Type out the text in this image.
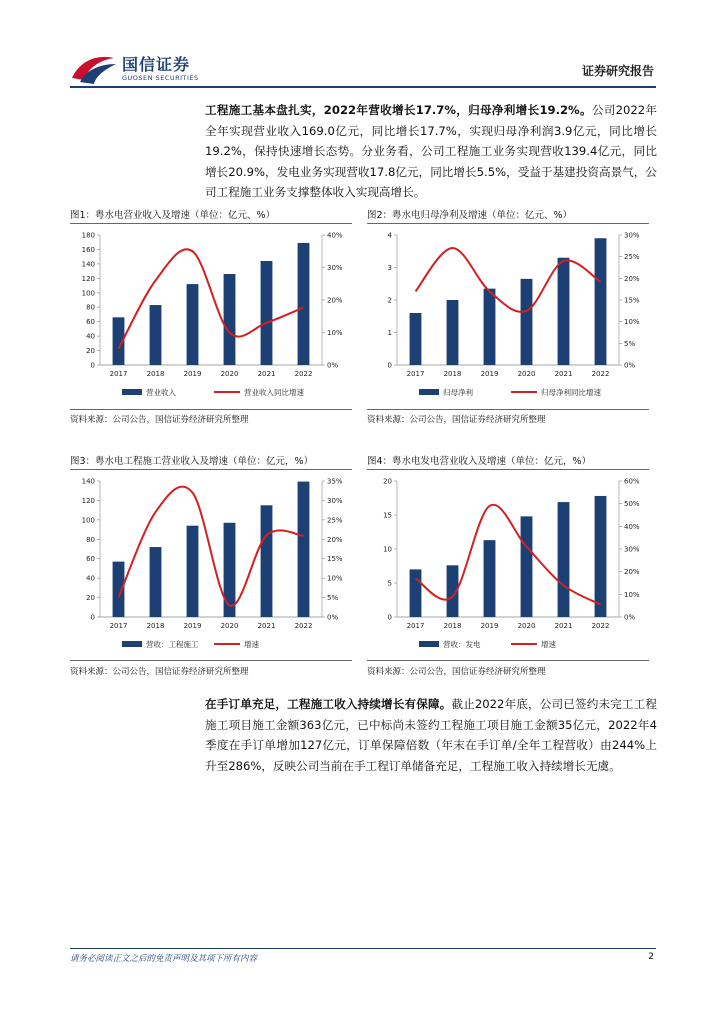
国信证券
GUOSEN SECURITIES	证券研究报告
工程施工基本盘扎实，2022年营收增长17.7%，归母净利增长19.2%。公司2022年全年实现营业收入169.0亿元，同比增长17.7%，实现归母净利润3.9亿元，同比增长19.2%，保持快速增长态势。分业务看，公司工程施工业务实现营收139.4亿元，同比增长20.9%，发电业务实现营收17.8亿元，同比增长5.5%，受益于基建投资高景气，公司工程施工业务支撑整体收入实现高增长。
图1：粤水电营业收入及增速（单位：亿元、%）
0
20
40
60
80
100
120
140
160
180
0%
10%
20%
30%
40%
2017	2018	2019	2020	2021	2022
营业收入	营业收入同比增速
资料来源：公司公告，国信证券经济研究所整理
图2：粤水电归母净利及增速（单位：亿元、%）
0
1
2
3
4
0%
5%
10%
15%
20%
25%
30%
2017	2018	2019	2020	2021	2022
归母净利	归母净利同比增速
资料来源：公司公告，国信证券经济研究所整理
图3：粤水电工程施工营业收入及增速（单位：亿元，%）
0
20
40
60
80
100
120
140
0%
5%
10%
15%
20%
25%
30%
35%
2017	2018	2019	2020	2021	2022
营收：工程施工	增速
资料来源：公司公告，国信证券经济研究所整理
图4：粤水电发电营业收入及增速（单位：亿元，%）
0
5
10
15
20
0%
10%
20%
30%
40%
50%
60%
2017	2018	2019	2020	2021	2022
营收：发电	增速
资料来源：公司公告，国信证券经济研究所整理
在手订单充足，工程施工收入持续增长有保障。截止2022年底，公司已签约未完工工程施工项目施工金额363亿元，已中标尚未签约工程施工项目施工金额35亿元，2022年4季度在手订单增加127亿元，订单保障倍数（年末在手订单/全年工程营收）由244%上升至286%，反映公司当前在手工程订单储备充足，工程施工收入持续增长无虞。
请务必阅读正文之后的免责声明及其项下所有内容	2
